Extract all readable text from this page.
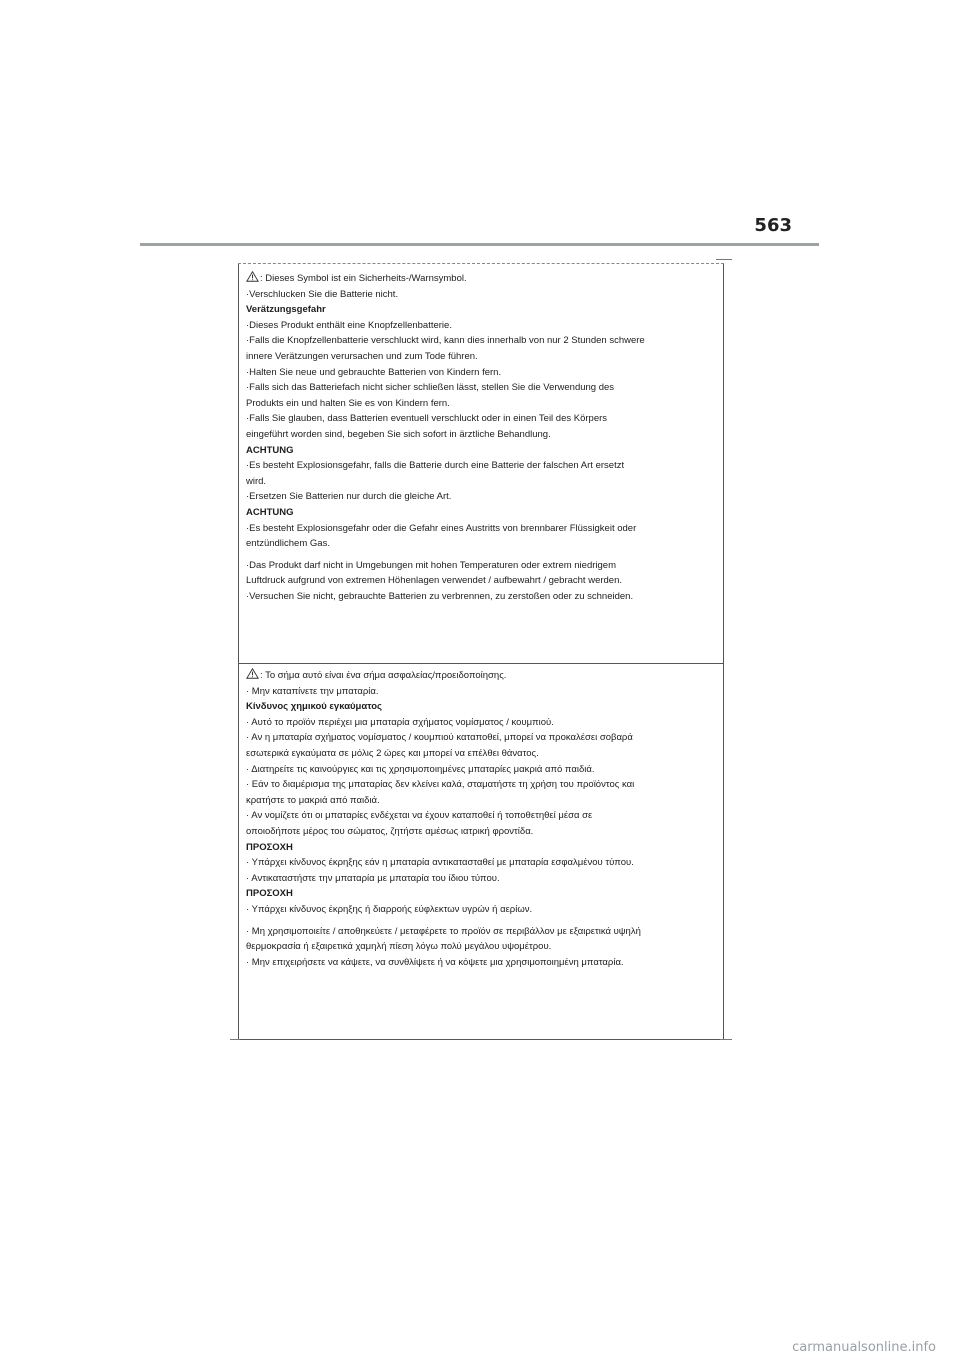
563

: Dieses Symbol ist ein Sicherheits-/Warnsymbol.

·Verschlucken Sie die Batterie nicht.

Verätzungsgefahr

·Dieses Produkt enthält eine Knopfzellenbatterie.

·Falls die Knopfzellenbatterie verschluckt wird, kann dies innerhalb von nur 2 Stunden schwere

innere Verätzungen verursachen und zum Tode führen.

·Halten Sie neue und gebrauchte Batterien von Kindern fern.

·Falls sich das Batteriefach nicht sicher schließen lässt, stellen Sie die Verwendung des

Produkts ein und halten Sie es von Kindern fern.

·Falls Sie glauben, dass Batterien eventuell verschluckt oder in einen Teil des Körpers

eingeführt worden sind, begeben Sie sich sofort in ärztliche Behandlung.

ACHTUNG

·Es besteht Explosionsgefahr, falls die Batterie durch eine Batterie der falschen Art ersetzt

wird.

·Ersetzen Sie Batterien nur durch die gleiche Art.

ACHTUNG

·Es besteht Explosionsgefahr oder die Gefahr eines Austritts von brennbarer Flüssigkeit oder

entzündlichem Gas.

·Das Produkt darf nicht in Umgebungen mit hohen Temperaturen oder extrem niedrigem

Luftdruck aufgrund von extremen Höhenlagen verwendet / aufbewahrt / gebracht werden.

·Versuchen Sie nicht, gebrauchte Batterien zu verbrennen, zu zerstoßen oder zu schneiden.

: Το σήμα αυτό είναι ένα σήμα ασφαλείας/προειδοποίησης.

· Μην καταπίνετε την μπαταρία.

Κίνδυνος χημικού εγκαύματος

· Αυτό το προϊόν περιέχει μια μπαταρία σχήματος νομίσματος / κουμπιού.

· Αν η μπαταρία σχήματος νομίσματος / κουμπιού καταποθεί, μπορεί να προκαλέσει σοβαρά

εσωτερικά εγκαύματα σε μόλις 2 ώρες και μπορεί να επέλθει θάνατος.

· Διατηρείτε τις καινούργιες και τις χρησιμοποιημένες μπαταρίες μακριά από παιδιά.

· Εάν το διαμέρισμα της μπαταρίας δεν κλείνει καλά, σταματήστε τη χρήση του προϊόντος και

κρατήστε το μακριά από παιδιά.

· Αν νομίζετε ότι οι μπαταρίες ενδέχεται να έχουν καταποθεί ή τοποθετηθεί μέσα σε

οποιοδήποτε μέρος του σώματος, ζητήστε αμέσως ιατρική φροντίδα.

ΠΡΟΣΟΧΗ

· Υπάρχει κίνδυνος έκρηξης εάν η μπαταρία αντικατασταθεί με μπαταρία εσφαλμένου τύπου.

· Αντικαταστήστε την μπαταρία με μπαταρία του ίδιου τύπου.

ΠΡΟΣΟΧΗ

· Υπάρχει κίνδυνος έκρηξης ή διαρροής εύφλεκτων υγρών ή αερίων.

· Μη χρησιμοποιείτε / αποθηκεύετε / μεταφέρετε το προϊόν σε περιβάλλον με εξαιρετικά υψηλή

θερμοκρασία ή εξαιρετικά χαμηλή πίεση λόγω πολύ μεγάλου υψομέτρου.

· Μην επιχειρήσετε να κάψετε, να συνθλίψετε ή να κόψετε μια χρησιμοποιημένη μπαταρία.

carmanualsonline.info
